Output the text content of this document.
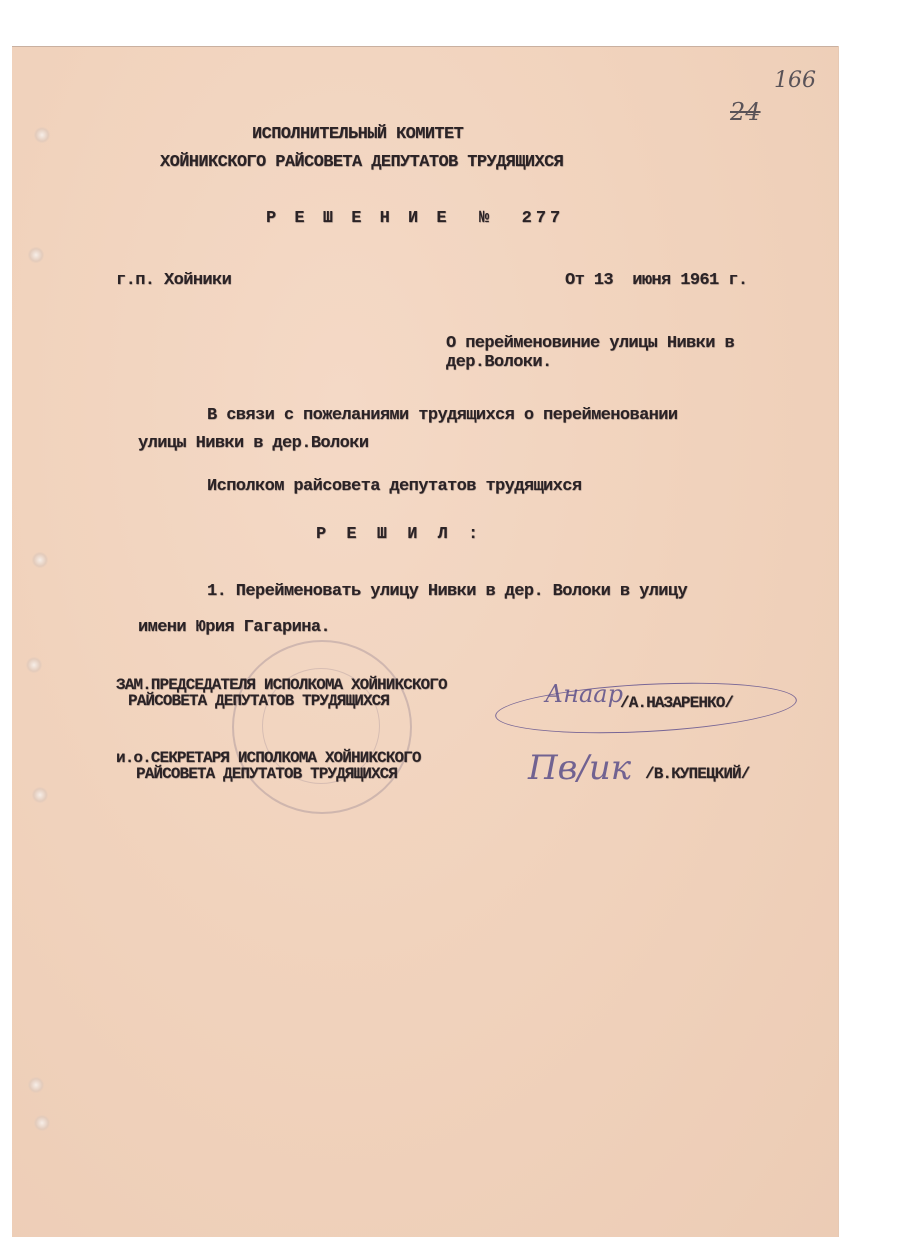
24
166
ИСПОЛНИТЕЛЬНЫЙ КОМИТЕТ
ХОЙНИКСКОГО РАЙСОВЕТА ДЕПУТАТОВ ТРУДЯЩИХСЯ
Р Е Ш Е Н И Е  №  277
г.п. Хойники	От 13  июня 1961 г.
О перейменовиние улицы Нивки в
дер.Волоки.
В связи с пожеланиями трудящихся о перейменовании
улицы Нивки в дер.Волоки
Исполком райсовета депутатов трудящихся
Р Е Ш И Л :
1. Перейменовать улицу Нивки в дер. Волоки в улицу
имени Юрия Гагарина.
ЗАМ.ПРЕДСЕДАТЕЛЯ ИСПОЛКОМА ХОЙНИКСКОГО
РАЙСОВЕТА ДЕПУТАТОВ ТРУДЯЩИХСЯ	Анаар
/А.НАЗАРЕНКО/
и.о.СЕКРЕТАРЯ ИСПОЛКОМА ХОЙНИКСКОГО
РАЙСОВЕТА ДЕПУТАТОВ ТРУДЯЩИХСЯ	Пв/ик /В.КУПЕЦКИЙ/
